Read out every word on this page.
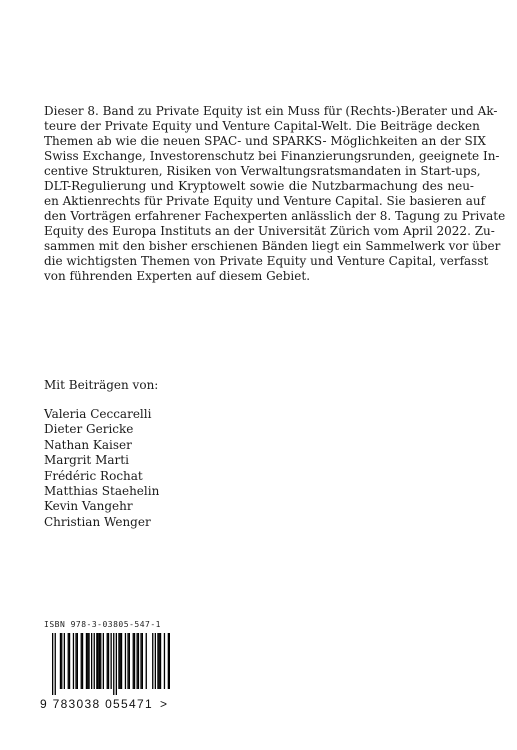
Dieser 8. Band zu Private Equity ist ein Muss für (Rechts-)Berater und Ak-
teure der Private Equity und Venture Capital-Welt. Die Beiträge decken
Themen ab wie die neuen SPAC- und SPARKS- Möglichkeiten an der SIX
Swiss Exchange, Investorenschutz bei Finanzierungsrunden, geeignete In-
centive Strukturen, Risiken von Verwaltungsratsmandaten in Start-ups,
DLT-Regulierung und Kryptowelt sowie die Nutzbarmachung des neu-
en Aktienrechts für Private Equity und Venture Capital. Sie basieren auf
den Vorträgen erfahrener Fachexperten anlässlich der 8. Tagung zu Private
Equity des Europa Instituts an der Universität Zürich vom April 2022. Zu-
sammen mit den bisher erschienen Bänden liegt ein Sammelwerk vor über
die wichtigsten Themen von Private Equity und Venture Capital, verfasst
von führenden Experten auf diesem Gebiet.

Mit Beiträgen von:

Valeria Ceccarelli
Dieter Gericke
Nathan Kaiser
Margrit Marti
Frédéric Rochat
Matthias Staehelin
Kevin Vangehr
Christian Wenger
ISBN 978-3-03805-547-1
9 783038 055471 >
